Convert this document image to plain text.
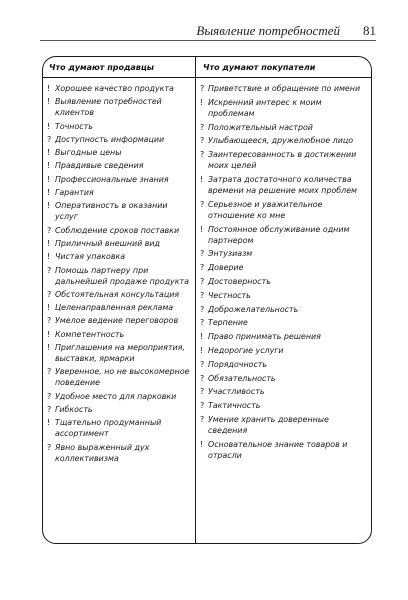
Выявление потребностей 81
Что думают продавцы	Что думают покупатели
! Хорошее качество продукта
! Выявление потребностей клиентов
! Точность
? Доступность информации
! Выгодные цены
! Правдивые сведения
! Профессиональные знания
! Гарантия
! Оперативность в оказании услуг
? Соблюдение сроков поставки
! Приличный внешний вид
! Чистая упаковка
? Помощь партнеру при дальнейшей продаже продукта
? Обстоятельная консультация
! Целенаправленная реклама
? Умелое ведение переговоров
! Компетентность
! Приглашения на мероприятия, выставки, ярмарки
? Уверенное, но не высокомерное поведение
? Удобное место для парковки
? Гибкость
! Тщательно продуманный ассортимент
? Явно выраженный дух коллективизма
? Приветствие и обращение по имени
! Искренний интерес к моим проблемам
? Положительный настрой
? Улыбающееся, дружелюбное лицо
? Заинтересованность в достижении моих целей
! Затрата достаточного количества времени на решение моих проблем
? Серьезное и уважительное отношение ко мне
! Постоянное обслуживание одним партнером
? Энтузиазм
? Доверие
? Достоверность
? Честность
? Доброжелательность
? Терпение
! Право принимать решения
! Недорогие услуги
? Порядочность
? Обязательность
? Участливость
? Тактичность
? Умение хранить доверенные сведения
! Основательное знание товаров и отрасли
